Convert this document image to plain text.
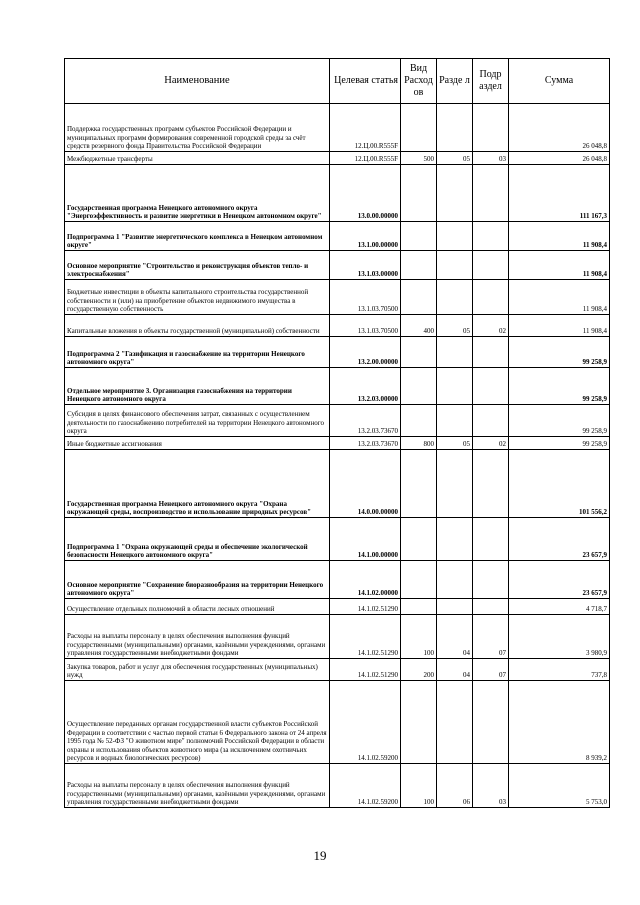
Наименование	Целевая статья	Вид Расход ов	Разде л	Подр аздел	Сумма
Поддержка государственных программ субъектов Российской Федерации и муниципальных программ формирования современной городской среды за счёт средств резервного фонда Правительства Российской Федерации	12.Ц.00.R555F				26 048,8
Межбюджетные трансферты	12.Ц.00.R555F	500	05	03	26 048,8
Государственная программа Ненецкого автономного округа "Энергоэффективность и развитие энергетики в Ненецком автономном округе"	13.0.00.00000				111 167,3
Подпрограмма 1 "Развитие энергетического комплекса в Ненецком автономном округе"	13.1.00.00000				11 908,4
Основное мероприятие "Строительство и реконструкция объектов тепло- и электроснабжения"	13.1.03.00000				11 908,4
Бюджетные инвестиции в объекты капитального строительства государственной собственности и (или) на приобретение объектов недвижимого имущества в государственную собственность	13.1.03.70500				11 908,4
Капитальные вложения в объекты государственной (муниципальной) собственности	13.1.03.70500	400	05	02	11 908,4
Подпрограмма 2 "Газификация и газоснабжение на территории Ненецкого автономного округа"	13.2.00.00000				99 258,9
Отдельное мероприятие 3. Организация газоснабжения на территории Ненецкого автономного округа	13.2.03.00000				99 258,9
Субсидия в целях финансового обеспечения затрат, связанных с осуществлением деятельности по газоснабжению потребителей на территории Ненецкого автономного округа	13.2.03.73670				99 258,9
Иные бюджетные ассигнования	13.2.03.73670	800	05	02	99 258,9
Государственная программа Ненецкого автономного округа "Охрана окружающей среды, воспроизводство и использование природных ресурсов"	14.0.00.00000				101 556,2
Подпрограмма 1 "Охрана окружающей среды и обеспечение экологической безопасности Ненецкого автономного округа"	14.1.00.00000				23 657,9
Основное мероприятие "Сохранение биоразнообразия на территории Ненецкого автономного округа"	14.1.02.00000				23 657,9
Осуществление отдельных полномочий в области лесных отношений	14.1.02.51290				4 718,7
Расходы на выплаты персоналу в целях обеспечения выполнения функций государственными (муниципальными) органами, казёнными учреждениями, органами управления государственными внебюджетными фондами	14.1.02.51290	100	04	07	3 980,9
Закупка товаров, работ и услуг для обеспечения государственных (муниципальных) нужд	14.1.02.51290	200	04	07	737,8
Осуществление переданных органам государственной власти субъектов Российской Федерации в соответствии с частью первой статьи 6 Федерального закона от 24 апреля 1995 года № 52-ФЗ "О животном мире" полномочий Российской Федерации в области охраны и использования объектов животного мира (за исключением охотничьих ресурсов и водных биологических ресурсов)	14.1.02.59200				8 939,2
Расходы на выплаты персоналу в целях обеспечения выполнения функций государственными (муниципальными) органами, казёнными учреждениями, органами управления государственными внебюджетными фондами	14.1.02.59200	100	06	03	5 753,0
19
